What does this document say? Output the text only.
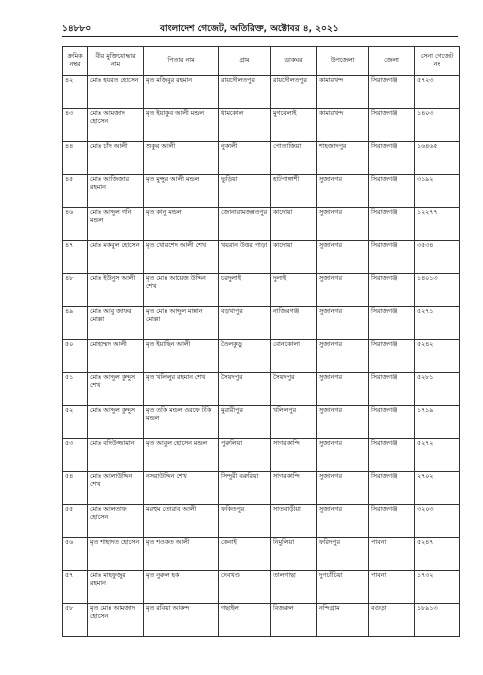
১৪৮৮০	বাংলাদেশ গেজেট, অতিরিক্ত, অক্টোবর ৪, ২০২১
ক্রমিক নম্বর	বীর মুক্তিযোদ্ধার নাম	পিতার নাম	গ্রাম	ডাকঘর	উপজেলা	জেলা	সেনা গেজেট নং
৪২	মোঃ হযরত হোসেন	মৃত মজিবুর রহমান	রায়দৌলতপুর	রায়দৌলতপুর	কামারখন্দ	সিরাজগঞ্জ	৫৭২৩
৪৩	মোঃ আমজাদ হোসেন	মৃত ইয়াকুব আলী মন্ডল	ধামকোল	মুগবেলাই	কামারখন্দ	সিরাজগঞ্জ	১৪০৩
৪৪	মোঃ চাঁদ আলী	শুকুর আলী	নুকালী	পোতাজিয়া	শাহজাদপুর	সিরাজগঞ্জ	১৬৪৬৫
৪৫	মোঃ আজিজার রহমান	মৃত মুন্সুর আলী মন্ডল	ভুড়িয়া	হাটপাঙ্গাশী	সুজানগর	সিরাজগঞ্জ	৩১৯২
৪৬	মোঃ আব্দুল গনি মন্ডল	মৃত কানু মন্ডল	জোনারামজন্নতপুর	কাদোয়া	সুজানগর	সিরাজগঞ্জ	১২২৭৭
৪৭	মোঃ মকবুল হোসেন	মৃত খোরশেদ আলী শেখ	খয়রান উত্তর পাড়া	কাদোয়া	সুজানগর	সিরাজগঞ্জ	৩৫৩৪
৪৮	মোঃ ইউনুস আলী	মৃত মোঃ আয়েজ উদ্দিন শেখ	চরদুলাই	দুলাই	সুজানগর	সিরাজগঞ্জ	১৪০১৩
৪৯	মোঃ আবু জাফর মোল্লা	মৃত মোঃ আব্দুল মান্নান মোল্লা	বড়খাপুর	নাজিরগঞ্জ	সুজানগর	সিরাজগঞ্জ	৫২৭১
৫০	মোহাম্মদ আলী	মৃত ইয়াছিন আলী	তৈলকুড়ু	বোনকোলা	সুজানগর	সিরাজগঞ্জ	৫২৪২
৫১	মোঃ আব্দুল কুদ্দুস শেখ	মৃত খলিলুর রহমান শেখ	সৈয়দপুর	সৈয়দপুর	সুজানগর	সিরাজগঞ্জ	৫২৮১
৫২	মোঃ আব্দুল কুদ্দুস	মৃত তকি মন্ডল ওরফে টকি মন্ডল	মুরারীপুর	খলিলপুর	সুজানগর	সিরাজগঞ্জ	১৭১৯
৫৩	মোঃ বদিউজ্জামান	মৃত আবুল হোসেন মন্ডল	পুরুলিয়া	সাগরকান্দি	সুজানগর	সিরাজগঞ্জ	৫২৭২
৫৪	মোঃ আলাউদ্দিন শেখ	নসরাউদ্দিন শেখ	সিন্দুরী বরুরিয়া	সাগরকান্দি	সুজানগর	সিরাজগঞ্জ	২৭০২
৫৫	মোঃ আলতাফ হোসেন	মরহুম তোরাব আলী	ফকিতপুর	সাতবাড়ীয়া	সুজানগর	সিরাজগঞ্জ	৩২০৩
৫৬	মৃত শাহাদত হোসেন	মৃত শওকত আলী	কেনাই	নিমুলিয়া	ফরিদপুর	পাবনা	৫২৪৭
৫৭	মোঃ মাহফুজুর রহমান	মৃত নুরুল হক	দেবখণ্ড	তালগাছা	দুপচাঁচিয়া	পাবনা	১৭৩২
৫৮	মৃত মোঃ আমজাদ হোসেন	মৃত রবিয়া আকন্দ	গছাইল	বিজরুল	নন্দিগ্রাম	বগুড়া	১৮৯১৩
